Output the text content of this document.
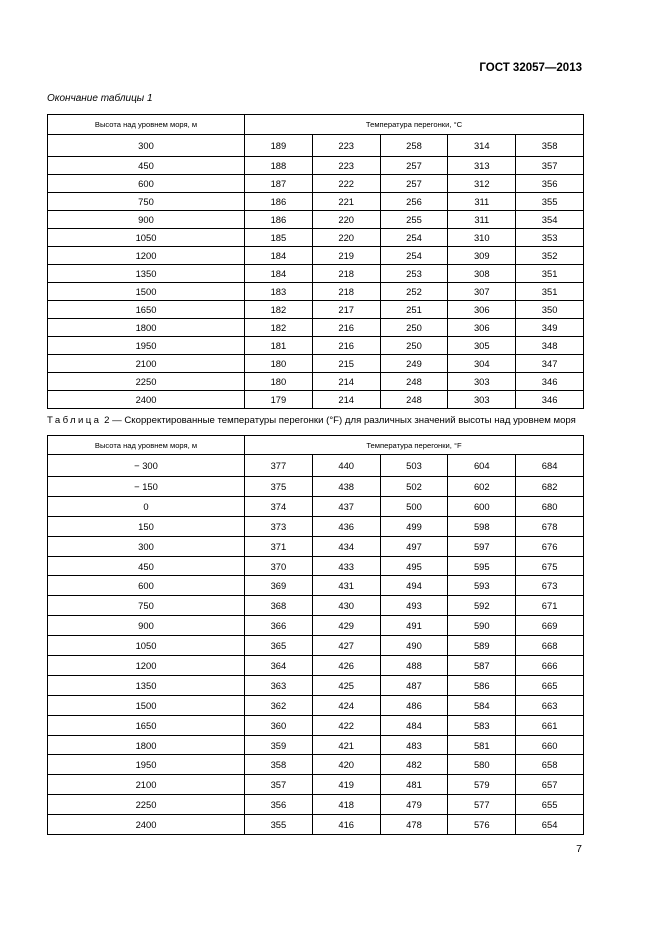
ГОСТ 32057—2013
Окончание таблицы 1
Высота над уровнем моря, м	Температура перегонки, °С				
300	189	223	258	314	358
450	188	223	257	313	357
600	187	222	257	312	356
750	186	221	256	311	355
900	186	220	255	311	354
1050	185	220	254	310	353
1200	184	219	254	309	352
1350	184	218	253	308	351
1500	183	218	252	307	351
1650	182	217	251	306	350
1800	182	216	250	306	349
1950	181	216	250	305	348
2100	180	215	249	304	347
2250	180	214	248	303	346
2400	179	214	248	303	346
Таблица 2 — Скорректированные температуры перегонки (°F) для различных значений высоты над уровнем моря
Высота над уровнем моря, м	Температура перегонки, °F				
− 300	377	440	503	604	684
− 150	375	438	502	602	682
0	374	437	500	600	680
150	373	436	499	598	678
300	371	434	497	597	676
450	370	433	495	595	675
600	369	431	494	593	673
750	368	430	493	592	671
900	366	429	491	590	669
1050	365	427	490	589	668
1200	364	426	488	587	666
1350	363	425	487	586	665
1500	362	424	486	584	663
1650	360	422	484	583	661
1800	359	421	483	581	660
1950	358	420	482	580	658
2100	357	419	481	579	657
2250	356	418	479	577	655
2400	355	416	478	576	654
7
